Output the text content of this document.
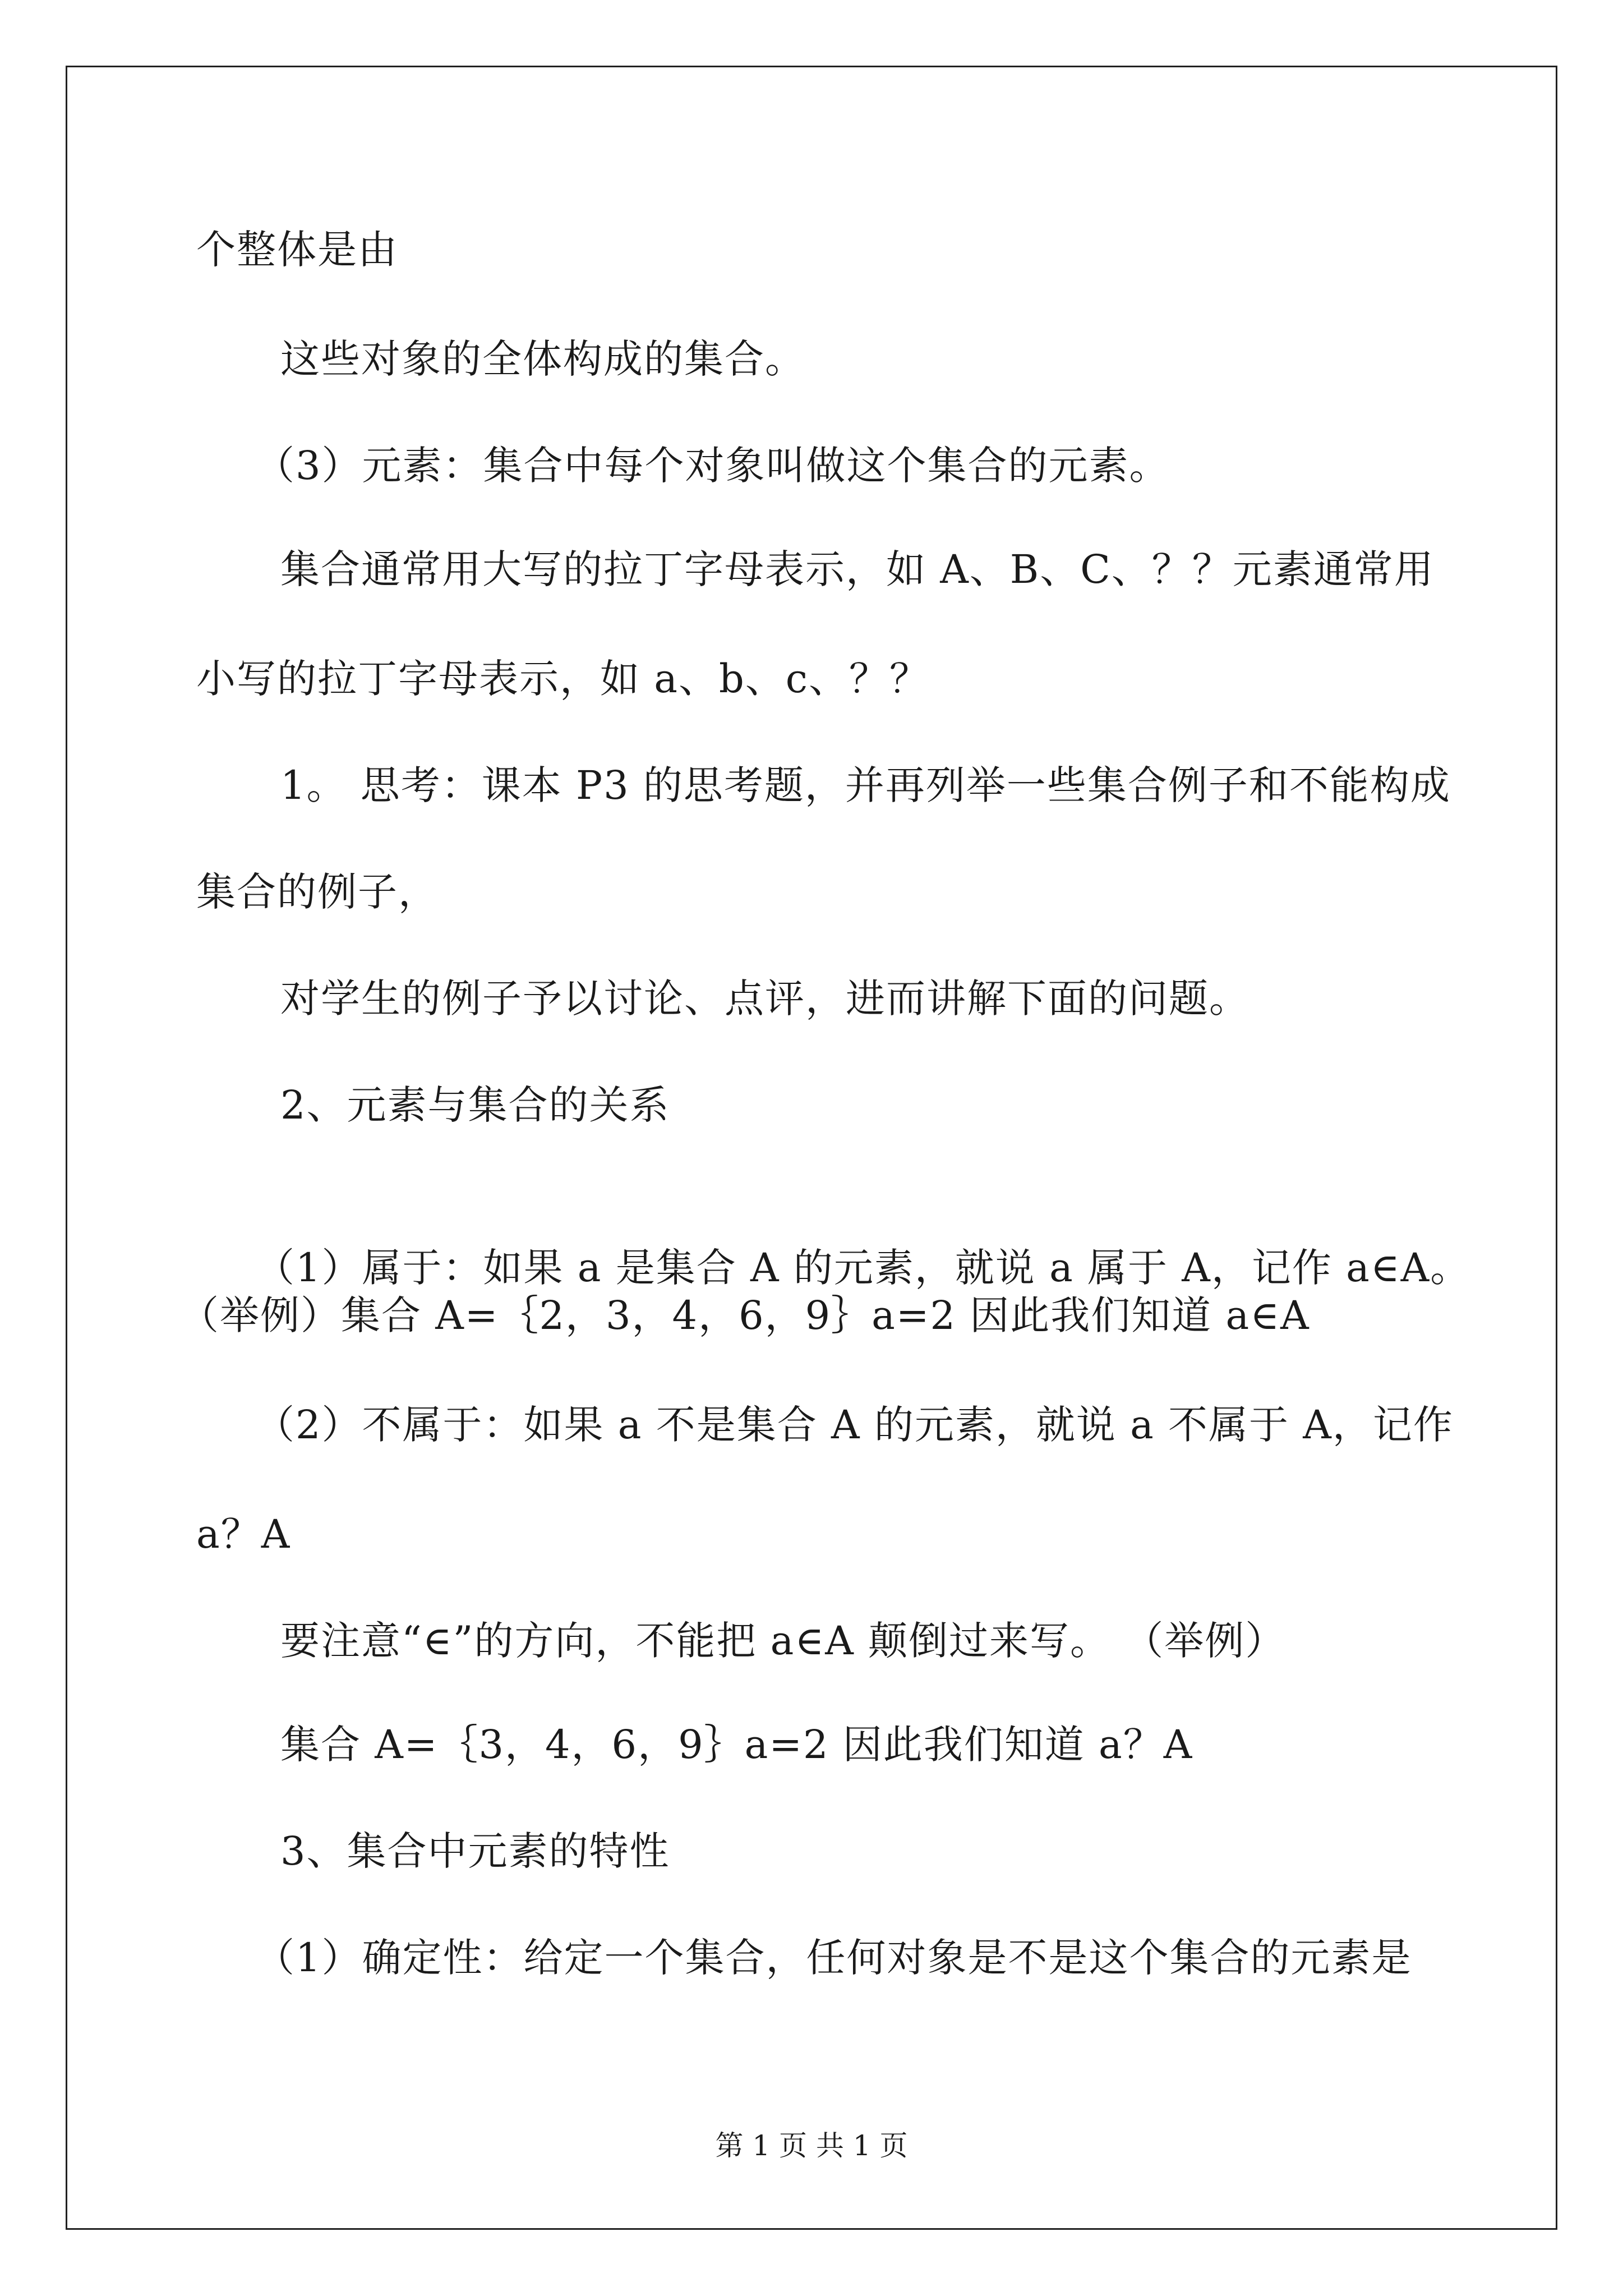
个整体是由
这些对象的全体构成的集合。
（3）元素：集合中每个对象叫做这个集合的元素。
集合通常用大写的拉丁字母表示，如 A、B、C、？？元素通常用
小写的拉丁字母表示，如 a、b、c、？？
1。 思考：课本 P3 的思考题，并再列举一些集合例子和不能构成
集合的例子，
对学生的例子予以讨论、点评，进而讲解下面的问题。
2、元素与集合的关系
（1）属于：如果 a 是集合 A 的元素，就说 a 属于 A，记作 a∈A。
（举例）集合 A=｛2，3，4，6，9｝a=2 因此我们知道 a∈A
（2）不属于：如果 a 不是集合 A 的元素，就说 a 不属于 A，记作
a？A
要注意“∈”的方向，不能把 a∈A 颠倒过来写。 （举例）
集合 A=｛3，4，6，9｝a=2 因此我们知道 a？A
3、集合中元素的特性
（1）确定性：给定一个集合，任何对象是不是这个集合的元素是
第 1 页 共 1 页
